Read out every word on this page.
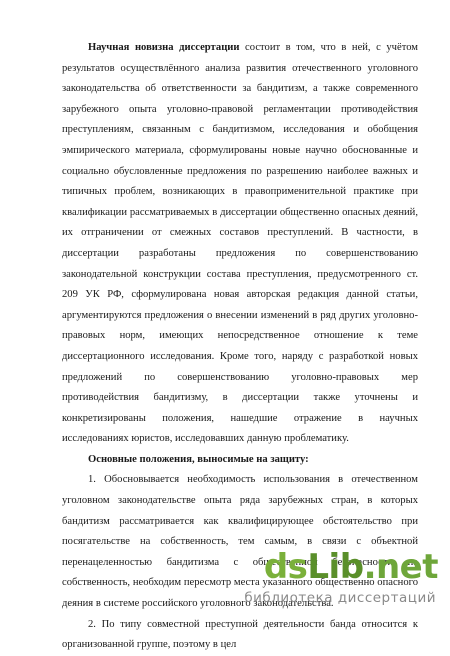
Научная новизна диссертации состоит в том, что в ней, с учётом результатов осуществлённого анализа развития отечественного уголовного законодательства об ответственности за бандитизм, а также современного зарубежного опыта уголовно-правовой регламентации противодействия преступлениям, связанным с бандитизмом, исследования и обобщения эмпирического материала, сформулированы новые научно обоснованные и социально обусловленные предложения по разрешению наиболее важных и типичных проблем, возникающих в правоприменительной практике при квалификации рассматриваемых в диссертации общественно опасных деяний, их отграничении от смежных составов преступлений. В частности, в диссертации разработаны предложения по совершенствованию законодательной конструкции состава преступления, предусмотренного ст. 209 УК РФ, сформулирована новая авторская редакция данной статьи, аргументируются предложения о внесении изменений в ряд других уголовно-правовых норм, имеющих непосредственное отношение к теме диссертационного исследования. Кроме того, наряду с разработкой новых предложений по совершенствованию уголовно-правовых мер противодействия бандитизму, в диссертации также уточнены и конкретизированы положения, нашедшие отражение в научных исследованиях юристов, исследовавших данную проблематику.

Основные положения, выносимые на защиту:

1. Обосновывается необходимость использования в отечественном уголовном законодательстве опыта ряда зарубежных стран, в которых бандитизм рассматривается как квалифицирующее обстоятельство при посягательстве на собственность, тем самым, в связи с объектной перенацеленностью бандитизма с общественной безопасности на собственность, необходим пересмотр места указанного общественно опасного деяния в системе российского уголовного законодательства.

2. По типу совместной преступной деятельности банда относится к организованной группе, поэтому в цел

dsLib.net
библиотека диссертаций
